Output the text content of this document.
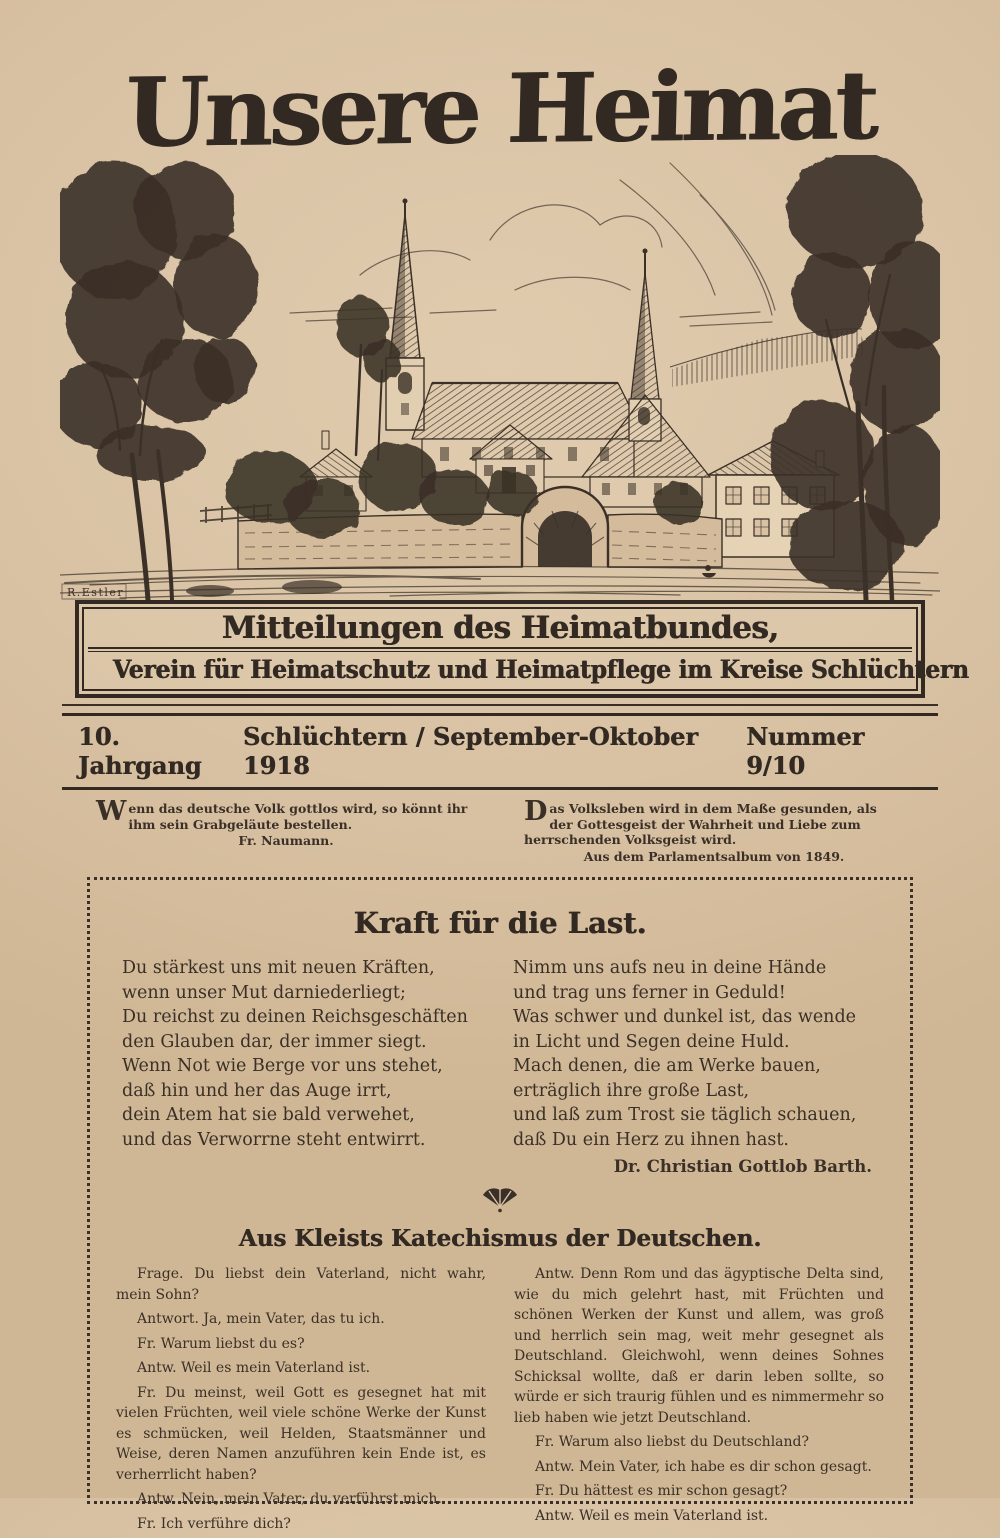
Unsere Heimat
R.Estler
Mitteilungen des Heimatbundes,
Verein für Heimatschutz und Heimatpflege im Kreise Schlüchtern
10. Jahrgang
Schlüchtern / September-Oktober 1918
Nummer 9/10
Wenn das deutsche Volk gottlos wird, so könnt ihr ihm sein Grabgeläute bestellen.
Fr. Naumann.
Das Volksleben wird in dem Maße gesunden, als der Gottesgeist der Wahrheit und Liebe zum herrschenden Volksgeist wird.
Aus dem Parlamentsalbum von 1849.
Kraft für die Last.
Du stärkest uns mit neuen Kräften,
wenn unser Mut darniederliegt;
Du reichst zu deinen Reichsgeschäften
den Glauben dar, der immer siegt.
Wenn Not wie Berge vor uns stehet,
daß hin und her das Auge irrt,
dein Atem hat sie bald verwehet,
und das Verworrne steht entwirrt.
Nimm uns aufs neu in deine Hände
und trag uns ferner in Geduld!
Was schwer und dunkel ist, das wende
in Licht und Segen deine Huld.
Mach denen, die am Werke bauen,
erträglich ihre große Last,
und laß zum Trost sie täglich schauen,
daß Du ein Herz zu ihnen hast.
Dr. Christian Gottlob Barth.
Aus Kleists Katechismus der Deutschen.

Frage. Du liebst dein Vaterland, nicht wahr, mein Sohn?

Antwort. Ja, mein Vater, das tu ich.

Fr. Warum liebst du es?

Antw. Weil es mein Vaterland ist.

Fr. Du meinst, weil Gott es gesegnet hat mit vielen Früchten, weil viele schöne Werke der Kunst es schmücken, weil Helden, Staatsmänner und Weise, deren Namen anzuführen kein Ende ist, es verherrlicht haben?

Antw. Nein, mein Vater; du verführst mich.

Fr. Ich verführe dich?

Antw. Denn Rom und das ägyptische Delta sind, wie du mich gelehrt hast, mit Früchten und schönen Werken der Kunst und allem, was groß und herrlich sein mag, weit mehr gesegnet als Deutschland. Gleichwohl, wenn deines Sohnes Schicksal wollte, daß er darin leben sollte, so würde er sich traurig fühlen und es nimmermehr so lieb haben wie jetzt Deutschland.

Fr. Warum also liebst du Deutschland?

Antw. Mein Vater, ich habe es dir schon gesagt.

Fr. Du hättest es mir schon gesagt?

Antw. Weil es mein Vaterland ist.
